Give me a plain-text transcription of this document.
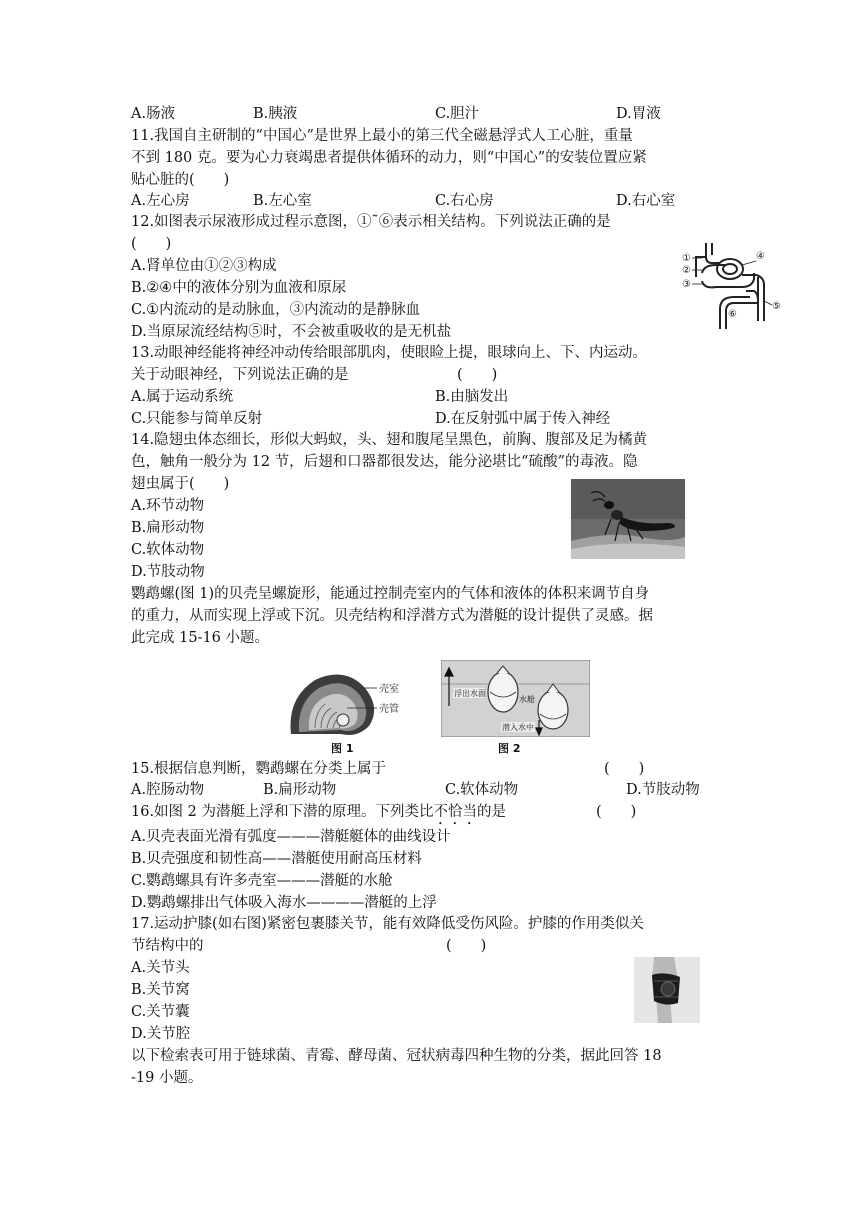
A.肠液	B.胰液	C.胆汁	D.胃液
11.我国自主研制的“中国心”是世界上最小的第三代全磁悬浮式人工心脏，重量
不到 180 克。要为心力衰竭患者提供体循环的动力，则“中国心”的安装位置应紧
贴心脏的(　　)
A.左心房	B.左心室	C.右心房	D.右心室
12.如图表示尿液形成过程示意图，①˜⑥表示相关结构。下列说法正确的是
(　　)
A.肾单位由①②③构成
B.②④中的液体分别为血液和原尿
C.①内流动的是动脉血，③内流动的是静脉血
D.当原尿流经结构⑤时，不会被重吸收的是无机盐
①
②
③
④
⑤
⑥
13.动眼神经能将神经冲动传给眼部肌肉，使眼睑上提，眼球向上、下、内运动。
关于动眼神经，下列说法正确的是	(　　)
A.属于运动系统	B.由脑发出
C.只能参与简单反射	D.在反射弧中属于传入神经
14.隐翅虫体态细长，形似大蚂蚁，头、翅和腹尾呈黑色，前胸、腹部及足为橘黄
色，触角一般分为 12 节，后翅和口器都很发达，能分泌堪比“硫酸”的毒液。隐
翅虫属于(　　)
A.环节动物
B.扁形动物
C.软体动物
D.节肢动物
鹦鹉螺(图 1)的贝壳呈螺旋形，能通过控制壳室内的气体和液体的体积来调节自身
的重力，从而实现上浮或下沉。贝壳结构和浮潜方式为潜艇的设计提供了灵感。据
此完成 15-16 小题。
壳室
壳管
图 1
浮出水面
水舱
潜入水中
图 2
15.根据信息判断，鹦鹉螺在分类上属于	(　　)
A.腔肠动物	B.扁形动物	C.软体动物	D.节肢动物
16.如图 2 为潜艇上浮和下潜的原理。下列类比不恰当的是	(　　)
A.贝壳表面光滑有弧度———潜艇艇体的曲线设计
B.贝壳强度和韧性高——潜艇使用耐高压材料
C.鹦鹉螺具有许多壳室———潜艇的水舱
D.鹦鹉螺排出气体吸入海水————潜艇的上浮
17.运动护膝(如右图)紧密包裹膝关节，能有效降低受伤风险。护膝的作用类似关
节结构中的	(　　)
A.关节头
B.关节窝
C.关节囊
D.关节腔
以下检索表可用于链球菌、青霉、酵母菌、冠状病毒四种生物的分类，据此回答 18
-19 小题。
